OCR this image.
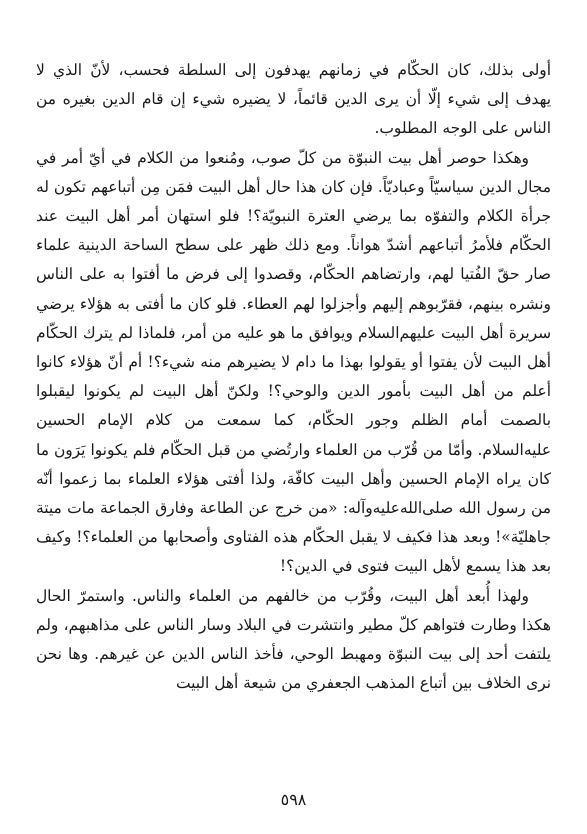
أولى بذلك، كان الحكّام في زمانهم يهدفون إلى السلطة فحسب، لأنّ الذي لا يهدف إلى شيء إلّا أن يرى الدين قائماً، لا يضيره شيء إن قام الدين بغيره من الناس على الوجه المطلوب.

وهكذا حوصر أهل بيت النبوّة من كلّ صوب، ومُنعوا من الكلام في أيّ أمر في مجال الدين سياسيّاً وعباديّاً. فإن كان هذا حال أهل البيت فمَن مِن أتباعهم تكون له جرأة الكلام والتفوّه بما يرضي العترة النبويّة؟! فلو استهان أمر أهل البيت عند الحكّام فلأمرُ أتباعهم أشدّ هواناً. ومع ذلك ظهر على سطح الساحة الدينية علماء صار حقّ الفُتيا لهم، وارتضاهم الحكّام، وقصدوا إلى فرض ما أفتوا به على الناس ونشره بينهم، فقرّبوهم إليهم وأجزلوا لهم العطاء. فلو كان ما أفتى به هؤلاء يرضي سريرة أهل البيت عليهم‌السلام ويوافق ما هو عليه من أمر، فلماذا لم يترك الحكّام أهل البيت لأن يفتوا أو يقولوا بهذا ما دام لا يضيرهم منه شيء؟! أم أنّ هؤلاء كانوا أعلم من أهل البيت بأمور الدين والوحي؟! ولكنّ أهل البيت لم يكونوا ليقبلوا بالصمت أمام الظلم وجور الحكّام، كما سمعت من كلام الإمام الحسين عليه‌السلام. وأمّا من قُرّب من العلماء وارتُضي من قبل الحكّام فلم يكونوا يَرَون ما كان يراه الإمام الحسين وأهل البيت كافّة، ولذا أفتى هؤلاء العلماء بما زعموا أنّه من رسول الله صلى‌الله‌عليه‌وآله: «من خرج عن الطاعة وفارق الجماعة مات ميتة جاهليّة»! وبعد هذا فكيف لا يقبل الحكّام هذه الفتاوى وأصحابها من العلماء؟! وكيف بعد هذا يسمع لأهل البيت فتوى في الدين؟!

ولهذا أُبعد أهل البيت، وقُرّب من خالفهم من العلماء والناس. واستمرّ الحال هكذا وطارت فتواهم كلّ مطير وانتشرت في البلاد وسار الناس على مذاهبهم، ولم يلتفت أحد إلى بيت النبوّة ومهبط الوحي، فأخذ الناس الدين عن غيرهم. وها نحن نرى الخلاف بين أتباع المذهب الجعفري من شيعة أهل البيت

٥٩٨
